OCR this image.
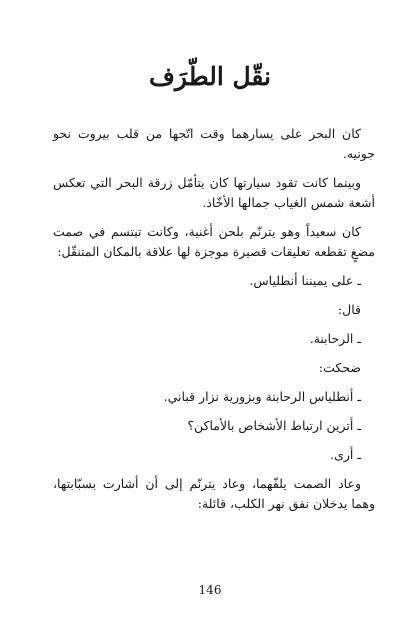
نقّل الطّرَف

كان البحر على يسارهما وقت اتّجها من قلب بيروت نحو جونيه.

وبينما كانت تقود سيارتها كان يتأمّل زرقة البحر التي تعكس أشعة شمس الغياب جمالها الأخّاذ.

كان سعيداً وهو يترنّم بلحن أغنية، وكانت تبتسم في صمت مضغٍ تقطعه تعليقات قصيرة موجزة لها علاقة بالمكان المتنقّل:

ـ على يميننا أنطلياس.

قال:

ـ الرحابنة.

ضحكت:

ـ أنطلياس الرحابنة وبزورية نزار قباني.

ـ أترين ارتباط الأشخاص بالأماكن؟

ـ أرى.

وعاد الصمت يلفّهما، وعاد يترنّم إلى أن أشارت بسبّابتها، وهما يدخلان نفق نهر الكلب، قائلة:

146
